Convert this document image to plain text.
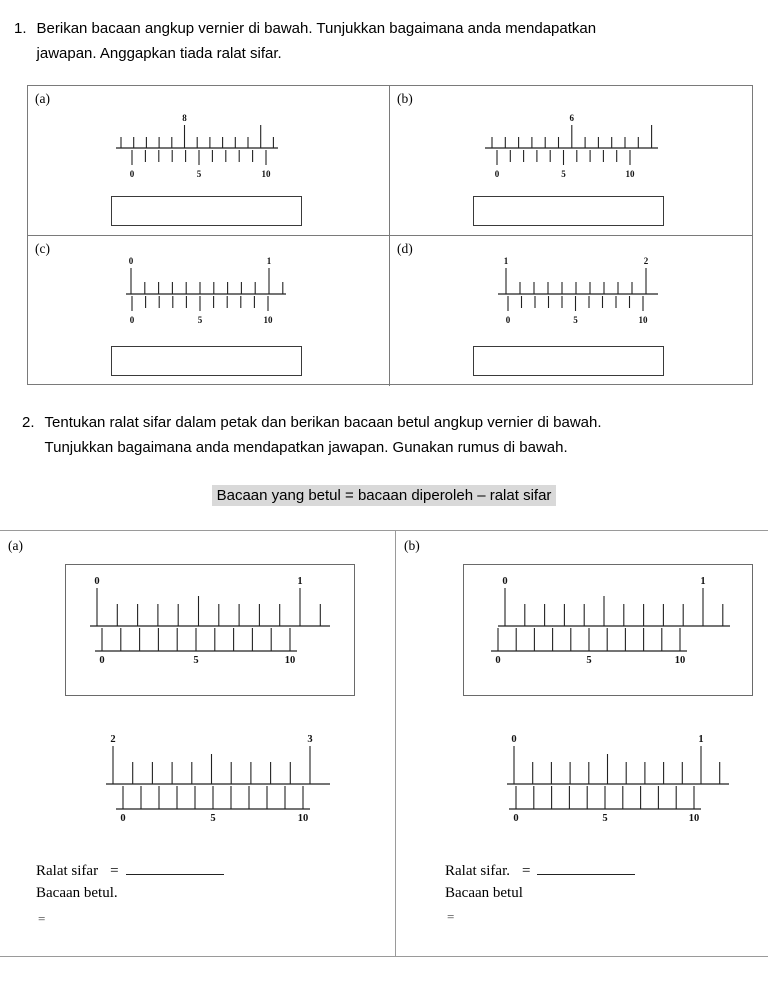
1. Berikan bacaan angkup vernier di bawah. Tunjukkan bagaimana anda mendapatkan
jawapan. Anggapkan tiada ralat sifar.
(a)
8
0	5	10
(b)
6
0	5	10
(c)
0	1
0	5	10
(d)
1	2
0	5	10
2. Tentukan ralat sifar dalam petak dan berikan bacaan betul angkup vernier di bawah.
Tunjukkan bagaimana anda mendapatkan jawapan. Gunakan rumus di bawah.
Bacaan yang betul = bacaan diperoleh – ralat sifar
(a)
0	1
0	5	10
2	3
0	5	10
Ralat sifar =
Bacaan betul.
=
(b)
0	1
0	5	10
0	1
0	5	10
Ralat sifar. =
Bacaan betul
=
